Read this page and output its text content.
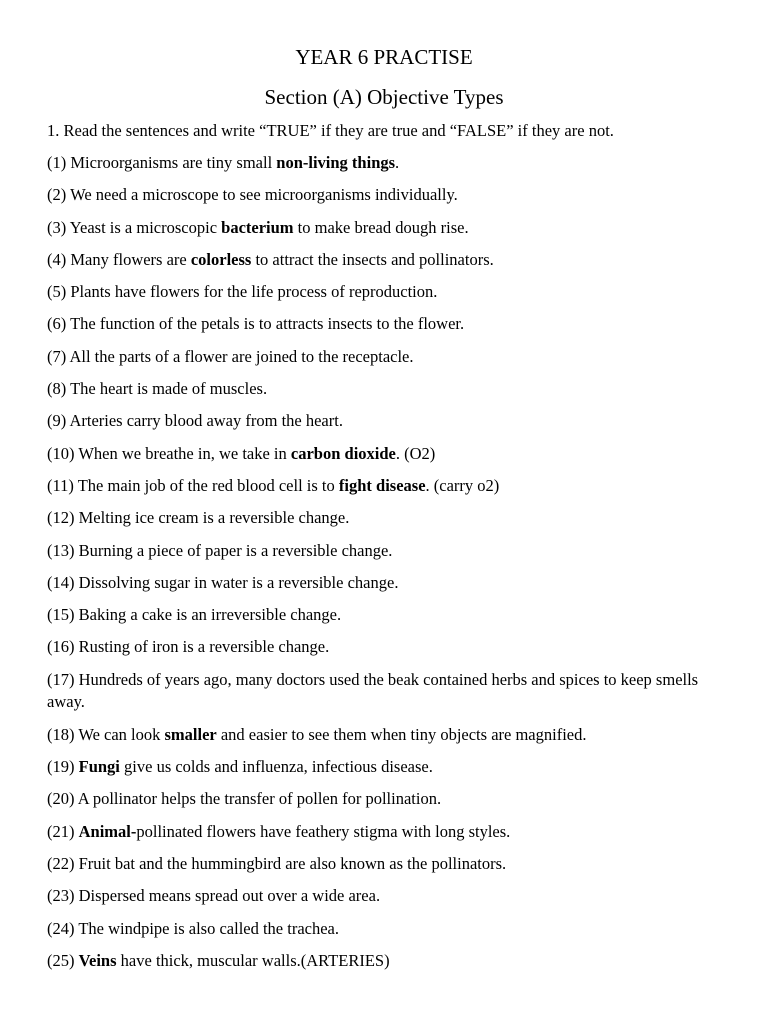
YEAR 6 PRACTISE
Section (A) Objective Types

1. Read the sentences and write “TRUE” if they are true and “FALSE” if they are not.

(1) Microorganisms are tiny small non-living things.
(2) We need a microscope to see microorganisms individually.
(3) Yeast is a microscopic bacterium to make bread dough rise.
(4) Many flowers are colorless to attract the insects and pollinators.
(5) Plants have flowers for the life process of reproduction.
(6) The function of the petals is to attracts insects to the flower.
(7) All the parts of a flower are joined to the receptacle.
(8) The heart is made of muscles.
(9) Arteries carry blood away from the heart.
(10) When we breathe in, we take in carbon dioxide. (O2)
(11) The main job of the red blood cell is to fight disease. (carry o2)
(12) Melting ice cream is a reversible change.
(13) Burning a piece of paper is a reversible change.
(14) Dissolving sugar in water is a reversible change.
(15) Baking a cake is an irreversible change.
(16) Rusting of iron is a reversible change.
(17) Hundreds of years ago, many doctors used the beak contained herbs and spices to keep smells away.
(18) We can look smaller and easier to see them when tiny objects are magnified.
(19) Fungi give us colds and influenza, infectious disease.
(20) A pollinator helps the transfer of pollen for pollination.
(21) Animal-pollinated flowers have feathery stigma with long styles.
(22) Fruit bat and the hummingbird are also known as the pollinators.
(23) Dispersed means spread out over a wide area.
(24) The windpipe is also called the trachea.
(25) Veins have thick, muscular walls.(ARTERIES)
